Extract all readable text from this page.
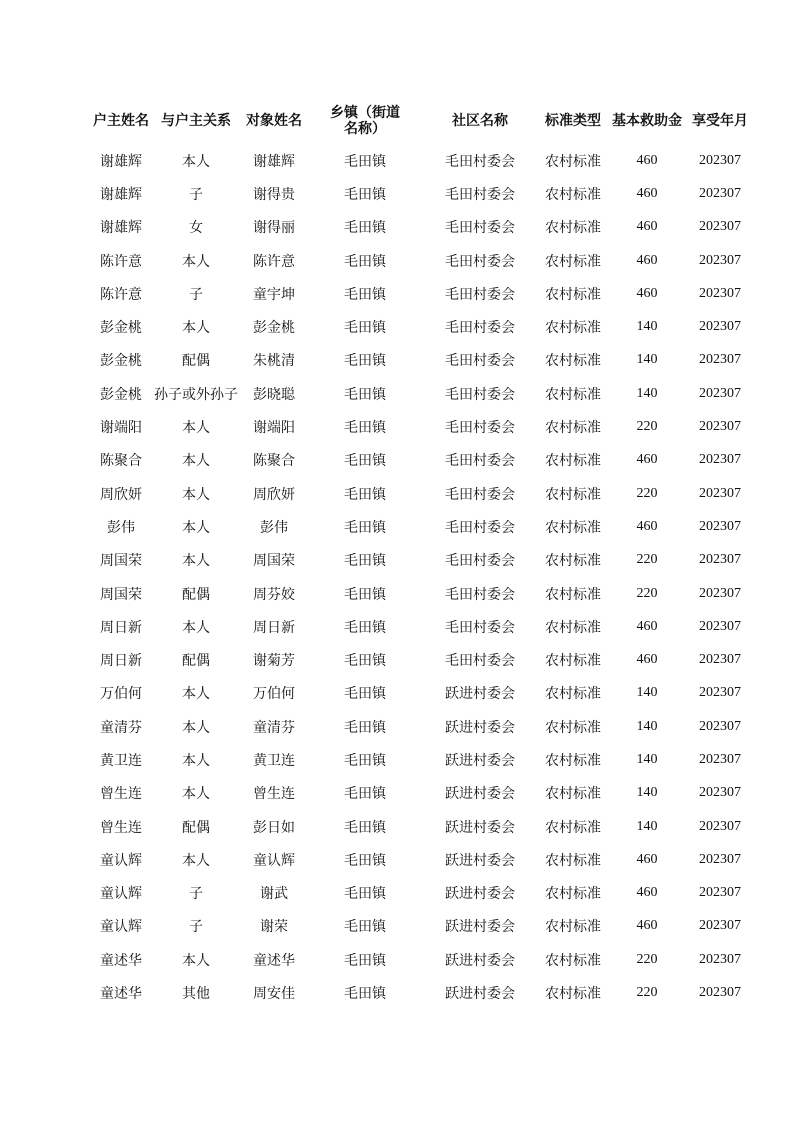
户主姓名	与户主关系	对象姓名	乡镇（街道名称）	社区名称	标准类型	基本救助金	享受年月
谢雄辉	本人	谢雄辉	毛田镇	毛田村委会	农村标准	460	202307
谢雄辉	子	谢得贵	毛田镇	毛田村委会	农村标准	460	202307
谢雄辉	女	谢得丽	毛田镇	毛田村委会	农村标准	460	202307
陈许意	本人	陈许意	毛田镇	毛田村委会	农村标准	460	202307
陈许意	子	童宇坤	毛田镇	毛田村委会	农村标准	460	202307
彭金桃	本人	彭金桃	毛田镇	毛田村委会	农村标准	140	202307
彭金桃	配偶	朱桃清	毛田镇	毛田村委会	农村标准	140	202307
彭金桃	孙子或外孙子	彭晓聪	毛田镇	毛田村委会	农村标准	140	202307
谢端阳	本人	谢端阳	毛田镇	毛田村委会	农村标准	220	202307
陈聚合	本人	陈聚合	毛田镇	毛田村委会	农村标准	460	202307
周欣妍	本人	周欣妍	毛田镇	毛田村委会	农村标准	220	202307
彭伟	本人	彭伟	毛田镇	毛田村委会	农村标准	460	202307
周国荣	本人	周国荣	毛田镇	毛田村委会	农村标准	220	202307
周国荣	配偶	周芬姣	毛田镇	毛田村委会	农村标准	220	202307
周日新	本人	周日新	毛田镇	毛田村委会	农村标准	460	202307
周日新	配偶	谢菊芳	毛田镇	毛田村委会	农村标准	460	202307
万伯何	本人	万伯何	毛田镇	跃进村委会	农村标准	140	202307
童清芬	本人	童清芬	毛田镇	跃进村委会	农村标准	140	202307
黄卫连	本人	黄卫连	毛田镇	跃进村委会	农村标准	140	202307
曾生连	本人	曾生连	毛田镇	跃进村委会	农村标准	140	202307
曾生连	配偶	彭日如	毛田镇	跃进村委会	农村标准	140	202307
童认辉	本人	童认辉	毛田镇	跃进村委会	农村标准	460	202307
童认辉	子	谢武	毛田镇	跃进村委会	农村标准	460	202307
童认辉	子	谢荣	毛田镇	跃进村委会	农村标准	460	202307
童述华	本人	童述华	毛田镇	跃进村委会	农村标准	220	202307
童述华	其他	周安佳	毛田镇	跃进村委会	农村标准	220	202307
